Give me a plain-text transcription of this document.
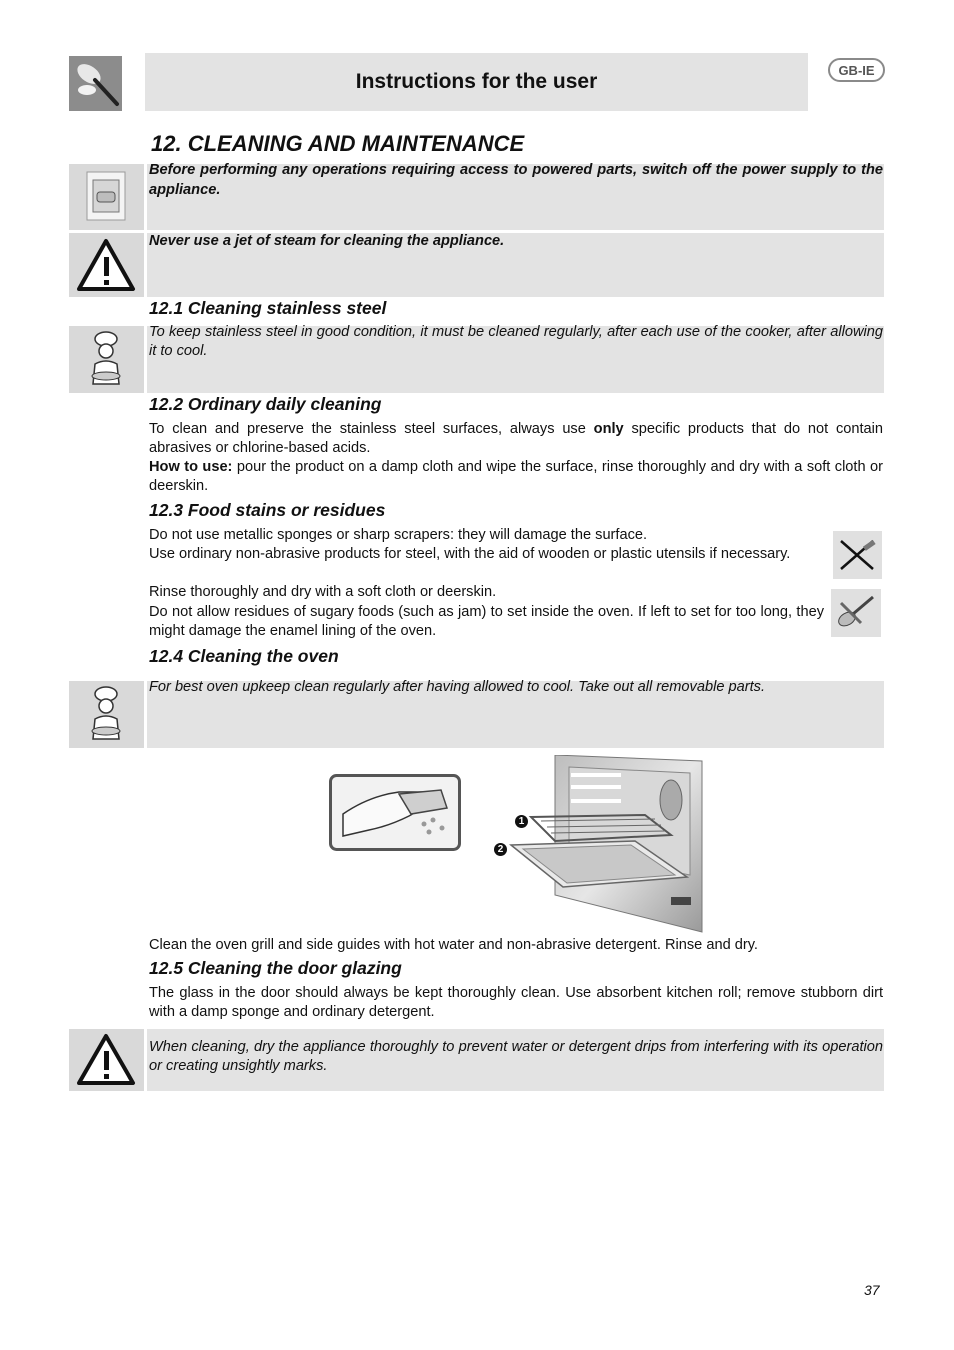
Instructions for the user	GB-IE
12. CLEANING AND MAINTENANCE

Before performing any operations requiring access to powered parts, switch off the power supply to the appliance.

Never use a jet of steam for cleaning the appliance.

12.1 Cleaning stainless steel

To keep stainless steel in good condition, it must be cleaned regularly, after each use of the cooker, after allowing it to cool.

12.2 Ordinary daily cleaning

To clean and preserve the stainless steel surfaces, always use only specific products that do not contain abrasives or chlorine-based acids.

How to use: pour the product on a damp cloth and wipe the surface, rinse thoroughly and dry with a soft cloth or deerskin.

12.3 Food stains or residues

Do not use metallic sponges or sharp scrapers: they will damage the surface.

Use ordinary non-abrasive products for steel, with the aid of wooden or plastic utensils if necessary.

Rinse thoroughly and dry with a soft cloth or deerskin.

Do not allow residues of sugary foods (such as jam) to set inside the oven. If left to set for too long, they might damage the enamel lining of the oven.

12.4 Cleaning the oven

For best oven upkeep clean regularly after having allowed to cool. Take out all removable parts.

1
2

Clean the oven grill and side guides with hot water and non-abrasive detergent. Rinse and dry.

12.5 Cleaning the door glazing

The glass in the door should always be kept thoroughly clean. Use absorbent kitchen roll; remove stubborn dirt with a damp sponge and ordinary detergent.

When cleaning, dry the appliance thoroughly to prevent water or detergent drips from interfering with its operation or creating unsightly marks.

37
